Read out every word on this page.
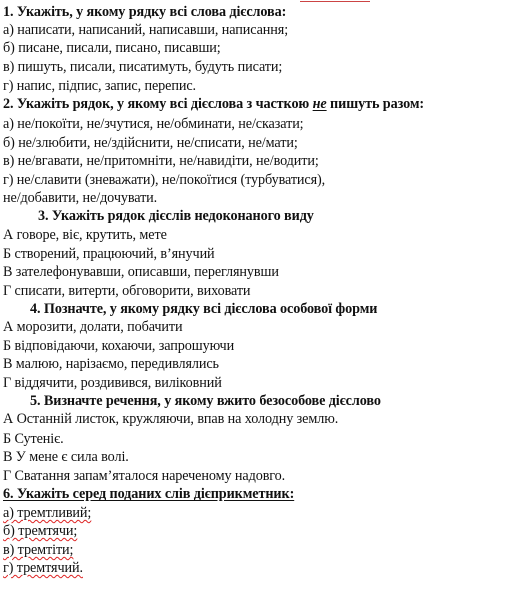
1. Укажіть, у якому рядку всі слова дієслова:
а) написати, написаний, написавши, написання;
б) писане, писали, писано, писавши;
в) пишуть, писали, писатимуть, будуть писати;
г) напис, підпис, запис, перепис.
2. Укажіть рядок, у якому всі дієслова з часткою не пишуть разом:
а) не/покоїти, не/зчутися, не/обминати, не/сказати;
б) не/злюбити, не/здійснити, не/списати, не/мати;
в) не/вгавати, не/притомніти, не/навидіти, не/водити;
г) не/славити (зневажати), не/покоїтися (турбуватися),
не/добавити, не/дочувати.
3. Укажіть рядок дієслів недоконаного виду
А говоре, віє, крутить, мете
Б створений, працюючий, в’янучий
В зателефонувавши, описавши, переглянувши
Г списати, витерти, обговорити, виховати
4. Позначте, у якому рядку всі дієслова особової форми
А морозити, долати, побачити
Б відповідаючи, кохаючи, запрошуючи
В малюю, нарізаємо, передивлялись
Г віддячити, роздивився, виліковний
5. Визначте речення, у якому вжито безособове дієслово
А Останній листок, кружляючи, впав на холодну землю.
Б Сутеніє.
В У мене є сила волі.
Г Сватання запам’яталося нареченому надовго.
6. Укажіть серед поданих слів дієприкметник:
а) тремтливий;
б) тремтячи;
в) тремтіти;
г) тремтячий.
